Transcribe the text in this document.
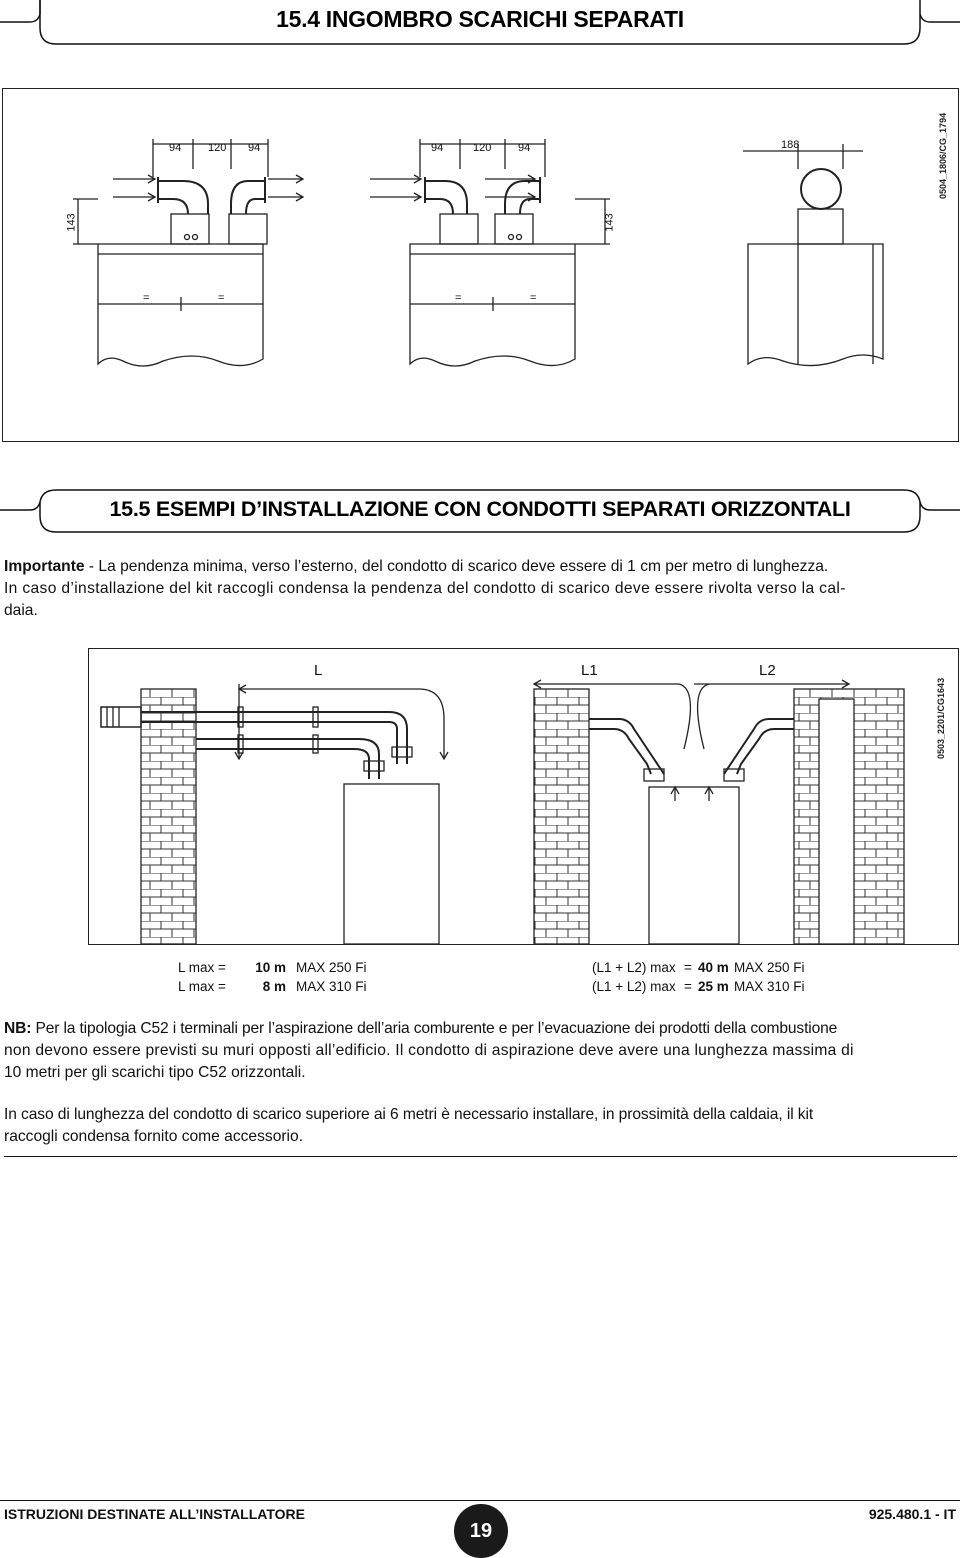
15.4 INGOMBRO SCARICHI SEPARATI
94 120 94	94	120 94	188
143	143
=	=	=	=
0504_1806/CG_1794
15.5 ESEMPI D’INSTALLAZIONE CON CONDOTTI SEPARATI ORIZZONTALI
Importante - La pendenza minima, verso l’esterno, del condotto di scarico deve essere di 1 cm per metro di lunghezza.
In caso d’installazione del kit raccogli condensa la pendenza del condotto di scarico deve essere rivolta verso la cal-
daia.
L	L1	L2
0503_2201/CG1643
L max = 10 m MAX 250 Fi
L max =	8 m MAX 310 Fi
(L1 + L2) max = 40 m MAX 250 Fi
(L1 + L2) max = 25 m MAX 310 Fi
NB: Per la tipologia C52 i terminali per l’aspirazione dell’aria comburente e per l’evacuazione dei prodotti della combustione
non devono essere previsti su muri opposti all’edificio. Il condotto di aspirazione deve avere una lunghezza massima di
10 metri per gli scarichi tipo C52 orizzontali.
In caso di lunghezza del condotto di scarico superiore ai 6 metri è necessario installare, in prossimità della caldaia, il kit
raccogli condensa fornito come accessorio.
ISTRUZIONI DESTINATE ALL’INSTALLATORE
19
925.480.1 - IT
